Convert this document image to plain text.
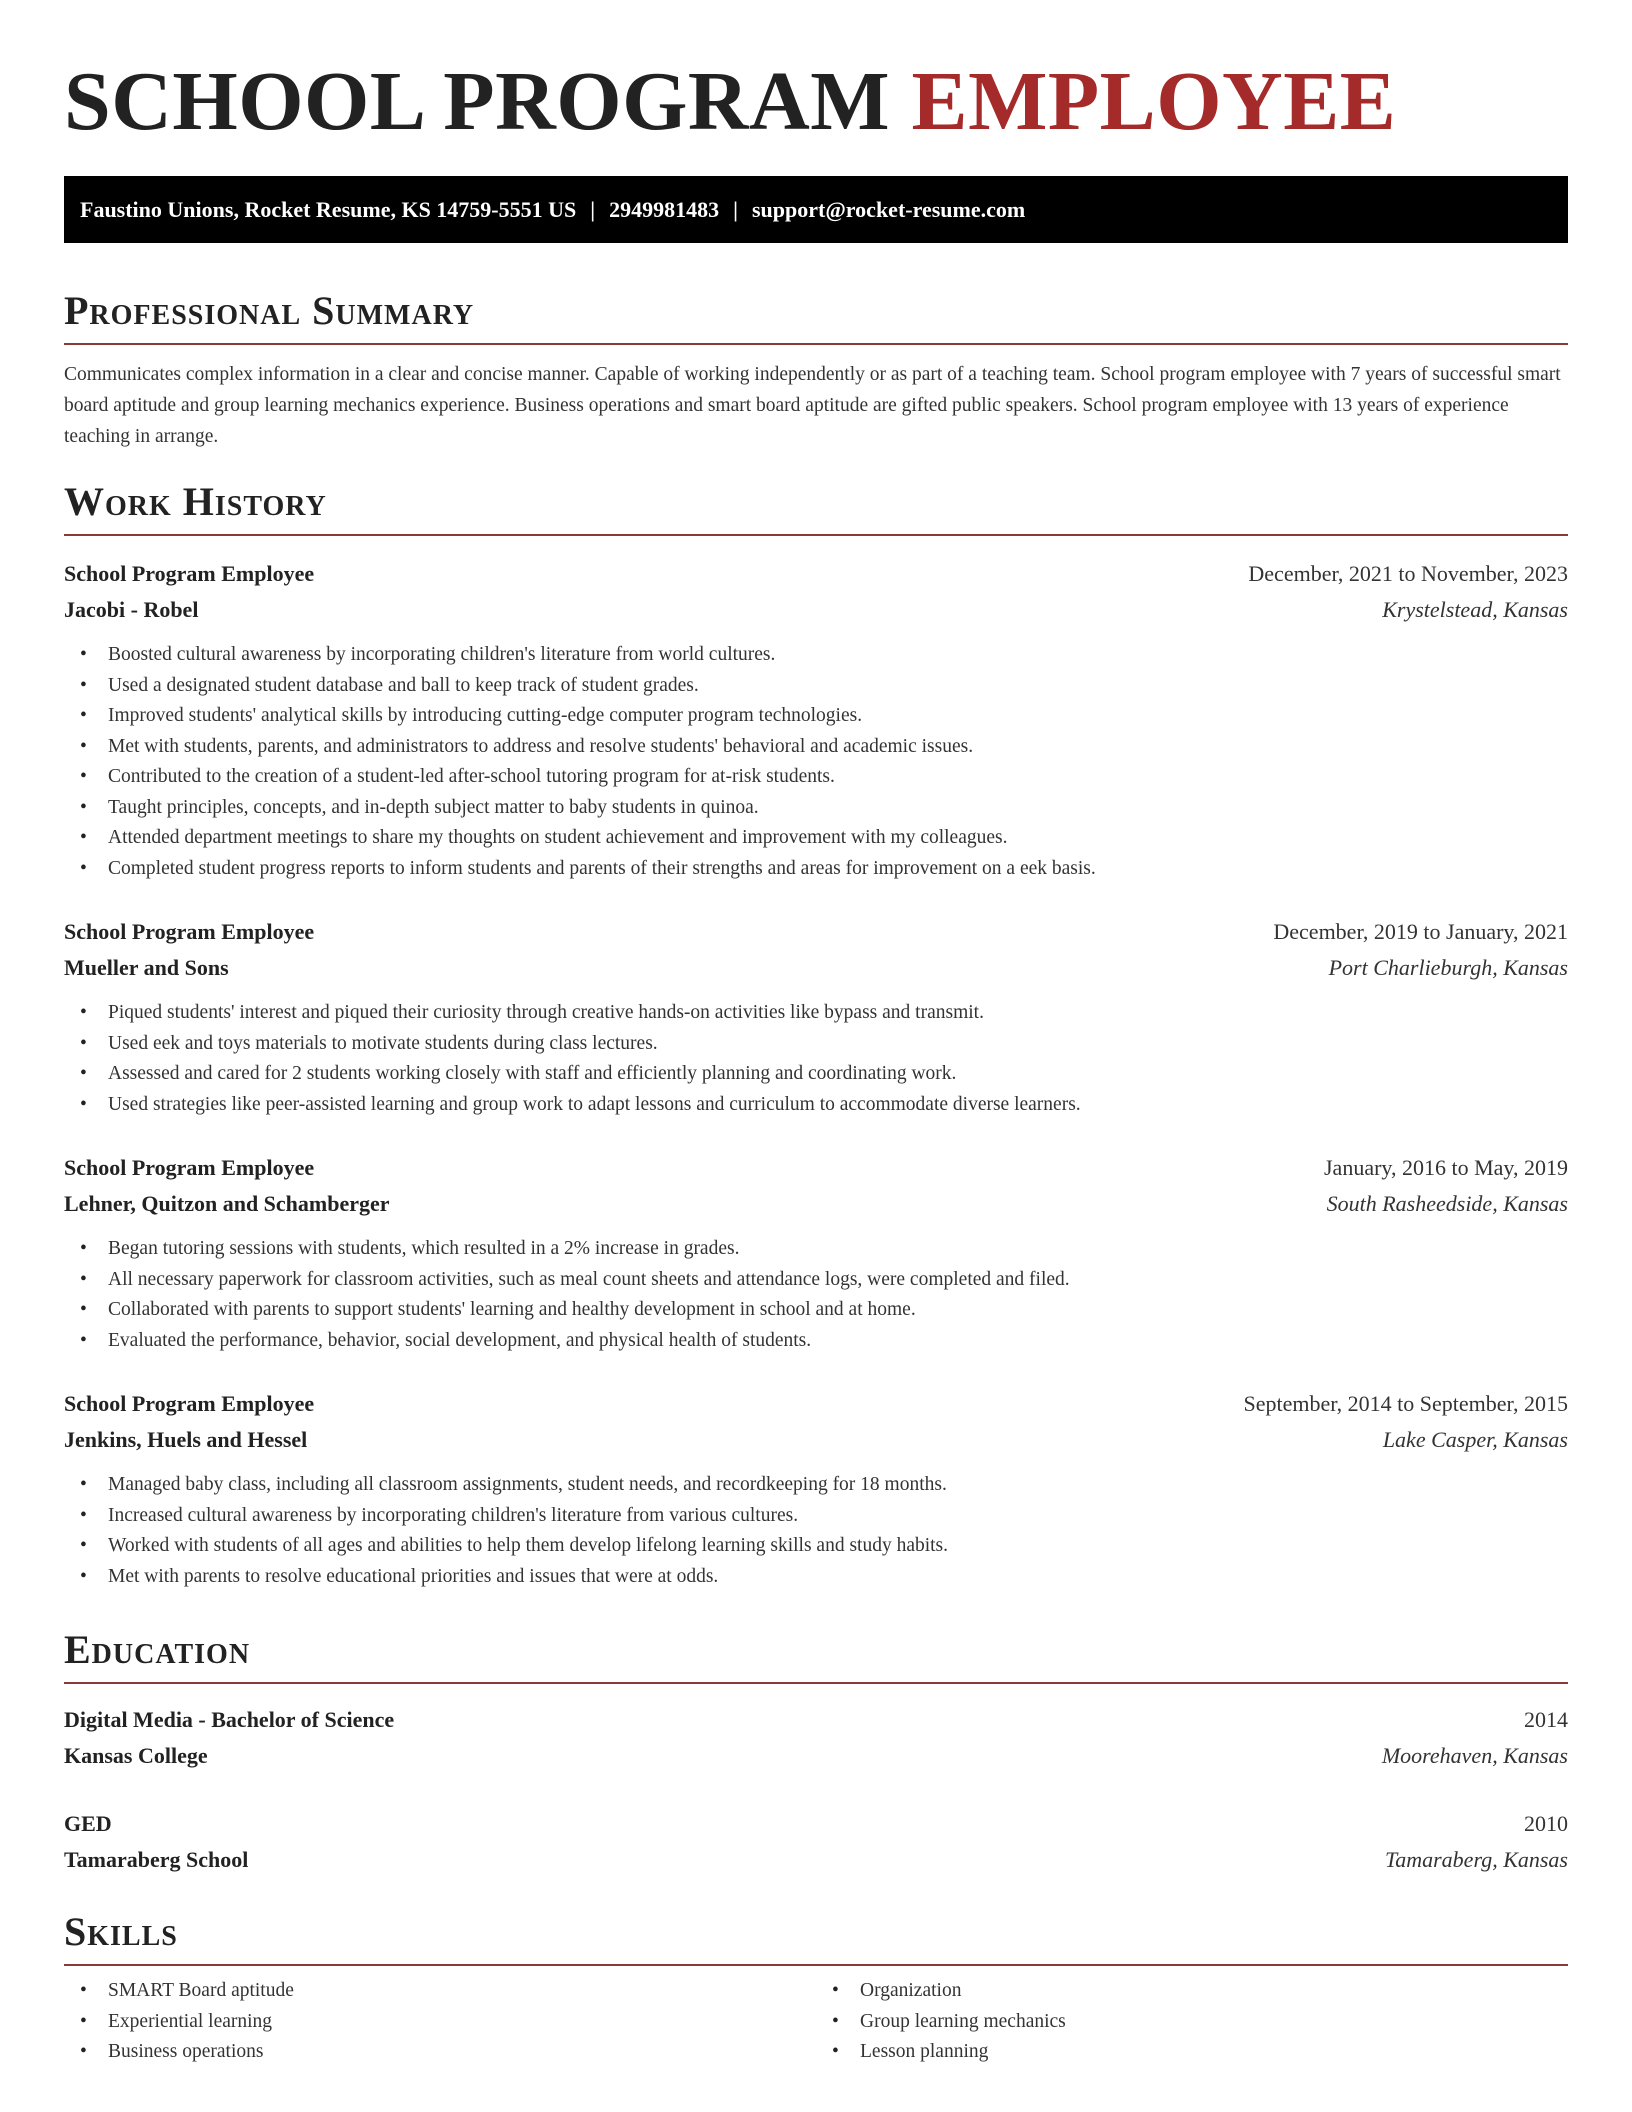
SCHOOL PROGRAM EMPLOYEE
Faustino Unions, Rocket Resume, KS 14759-5551 US | 2949981483 | support@rocket-resume.com
Professional Summary

Communicates complex information in a clear and concise manner. Capable of working independently or as part of a teaching team. School program employee with 7 years of successful smart board aptitude and group learning mechanics experience. Business operations and smart board aptitude are gifted public speakers. School program employee with 13 years of experience teaching in arrange.

Work History
School Program Employee	December, 2021 to November, 2023
Jacobi - Robel	Krystelstead, Kansas
• Boosted cultural awareness by incorporating children's literature from world cultures.
• Used a designated student database and ball to keep track of student grades.
• Improved students' analytical skills by introducing cutting-edge computer program technologies.
• Met with students, parents, and administrators to address and resolve students' behavioral and academic issues.
• Contributed to the creation of a student-led after-school tutoring program for at-risk students.
• Taught principles, concepts, and in-depth subject matter to baby students in quinoa.
• Attended department meetings to share my thoughts on student achievement and improvement with my colleagues.
• Completed student progress reports to inform students and parents of their strengths and areas for improvement on a eek basis.
School Program Employee	December, 2019 to January, 2021
Mueller and Sons	Port Charlieburgh, Kansas
• Piqued students' interest and piqued their curiosity through creative hands-on activities like bypass and transmit.
• Used eek and toys materials to motivate students during class lectures.
• Assessed and cared for 2 students working closely with staff and efficiently planning and coordinating work.
• Used strategies like peer-assisted learning and group work to adapt lessons and curriculum to accommodate diverse learners.
School Program Employee	January, 2016 to May, 2019
Lehner, Quitzon and Schamberger	South Rasheedside, Kansas
• Began tutoring sessions with students, which resulted in a 2% increase in grades.
• All necessary paperwork for classroom activities, such as meal count sheets and attendance logs, were completed and filed.
• Collaborated with parents to support students' learning and healthy development in school and at home.
• Evaluated the performance, behavior, social development, and physical health of students.
School Program Employee	September, 2014 to September, 2015
Jenkins, Huels and Hessel	Lake Casper, Kansas
• Managed baby class, including all classroom assignments, student needs, and recordkeeping for 18 months.
• Increased cultural awareness by incorporating children's literature from various cultures.
• Worked with students of all ages and abilities to help them develop lifelong learning skills and study habits.
• Met with parents to resolve educational priorities and issues that were at odds.
Education
Digital Media - Bachelor of Science	2014
Kansas College	Moorehaven, Kansas
GED	2010
Tamaraberg School	Tamaraberg, Kansas
Skills
• SMART Board aptitude
• Experiential learning
• Business operations
• Organization
• Group learning mechanics
• Lesson planning
